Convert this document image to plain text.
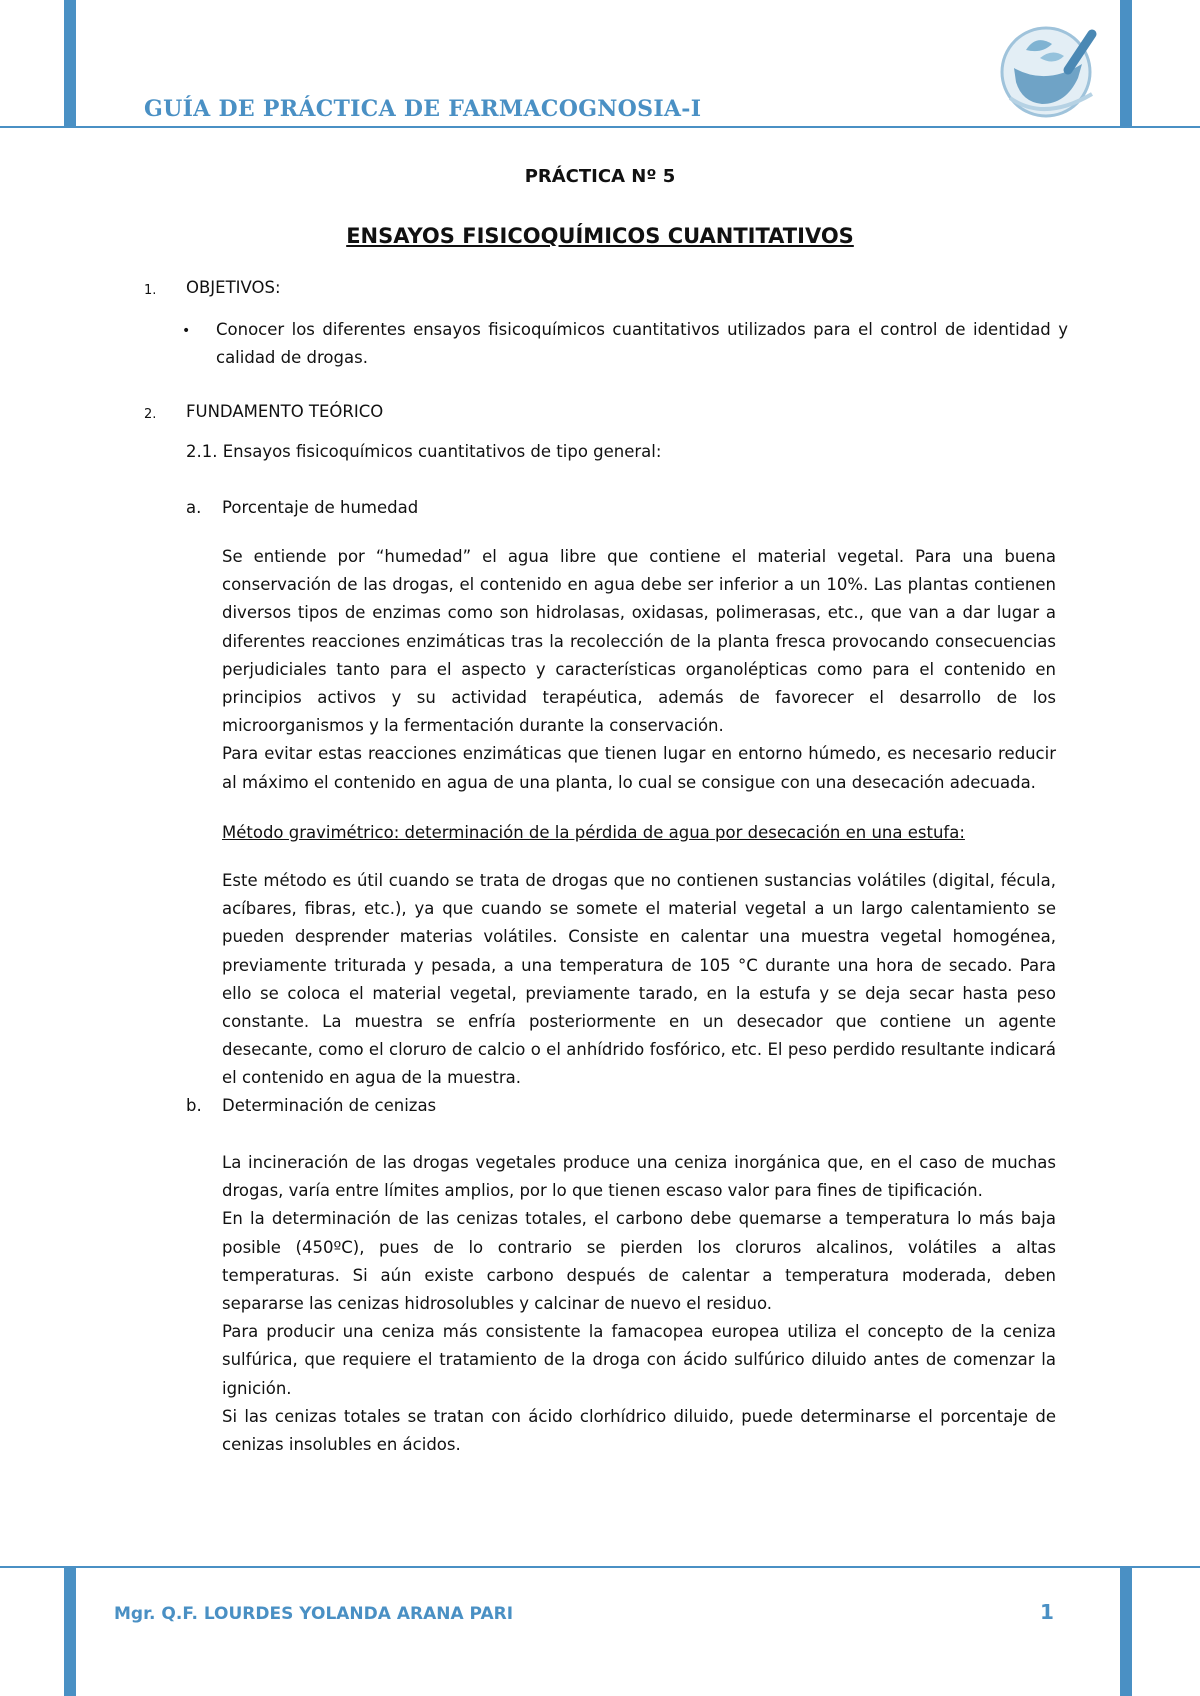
GUÍA DE PRÁCTICA DE FARMACOGNOSIA-I
PRÁCTICA Nº 5
ENSAYOS FISICOQUÍMICOS CUANTITATIVOS
1. OBJETIVOS:
• Conocer los diferentes ensayos fisicoquímicos cuantitativos utilizados para el control de identidad y calidad de drogas.

2. FUNDAMENTO TEÓRICO
2.1. Ensayos fisicoquímicos cuantitativos de tipo general:
a. Porcentaje de humedad

Se entiende por “humedad” el agua libre que contiene el material vegetal. Para una buena conservación de las drogas, el contenido en agua debe ser inferior a un 10%. Las plantas contienen diversos tipos de enzimas como son hidrolasas, oxidasas, polimerasas, etc., que van a dar lugar a diferentes reacciones enzimáticas tras la recolección de la planta fresca provocando consecuencias perjudiciales tanto para el aspecto y características organolépticas como para el contenido en principios activos y su actividad terapéutica, además de favorecer el desarrollo de los microorganismos y la fermentación durante la conservación.

Para evitar estas reacciones enzimáticas que tienen lugar en entorno húmedo, es necesario reducir al máximo el contenido en agua de una planta, lo cual se consigue con una desecación adecuada.

Método gravimétrico: determinación de la pérdida de agua por desecación en una estufa:

Este método es útil cuando se trata de drogas que no contienen sustancias volátiles (digital, fécula, acíbares, fibras, etc.), ya que cuando se somete el material vegetal a un largo calentamiento se pueden desprender materias volátiles. Consiste en calentar una muestra vegetal homogénea, previamente triturada y pesada, a una temperatura de 105 °C durante una hora de secado. Para ello se coloca el material vegetal, previamente tarado, en la estufa y se deja secar hasta peso constante. La muestra se enfría posteriormente en un desecador que contiene un agente desecante, como el cloruro de calcio o el anhídrido fosfórico, etc. El peso perdido resultante indicará el contenido en agua de la muestra.

b. Determinación de cenizas

La incineración de las drogas vegetales produce una ceniza inorgánica que, en el caso de muchas drogas, varía entre límites amplios, por lo que tienen escaso valor para fines de tipificación.

En la determinación de las cenizas totales, el carbono debe quemarse a temperatura lo más baja posible (450ºC), pues de lo contrario se pierden los cloruros alcalinos, volátiles a altas temperaturas. Si aún existe carbono después de calentar a temperatura moderada, deben separarse las cenizas hidrosolubles y calcinar de nuevo el residuo.

Para producir una ceniza más consistente la famacopea europea utiliza el concepto de la ceniza sulfúrica, que requiere el tratamiento de la droga con ácido sulfúrico diluido antes de comenzar la ignición.

Si las cenizas totales se tratan con ácido clorhídrico diluido, puede determinarse el porcentaje de cenizas insolubles en ácidos.

Mgr. Q.F. LOURDES YOLANDA ARANA PARI	1
